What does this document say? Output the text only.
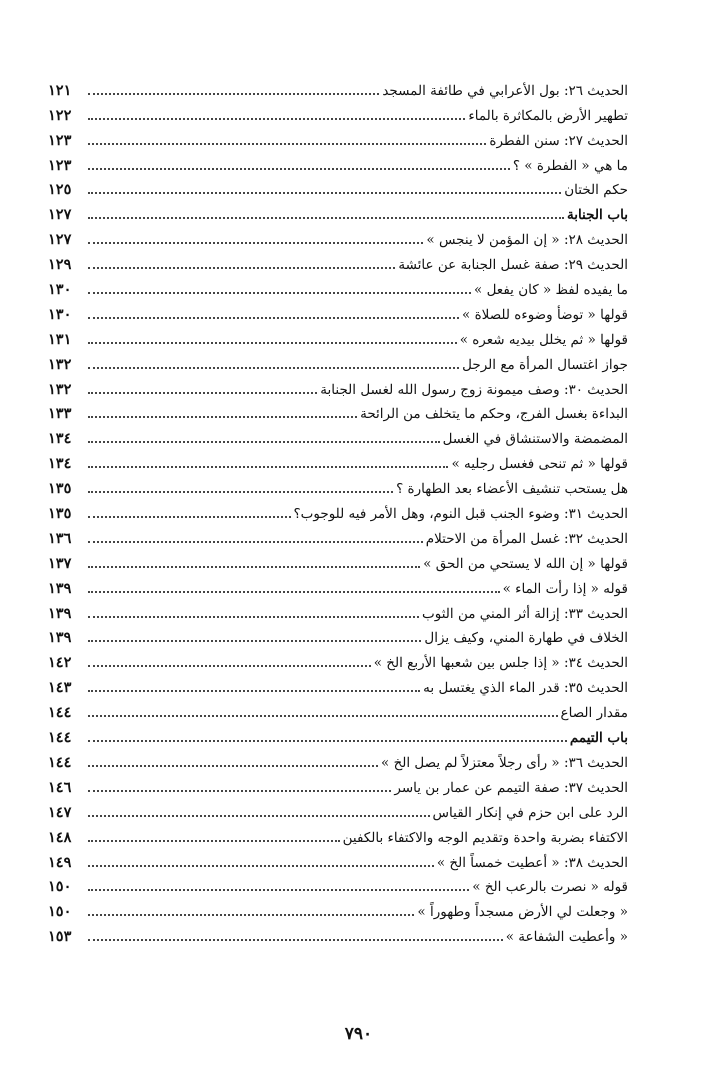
الحديث ٢٦: بول الأعرابي في طائفة المسجد
١٢١
تطهير الأرض بالمكاثرة بالماء
١٢٢
الحديث ٢٧: سنن الفطرة
١٢٣
ما هي « الفطرة » ؟
١٢٣
حكم الختان
١٢٥
باب الجنابة
١٢٧
الحديث ٢٨: « إن المؤمن لا ينجس »
١٢٧
الحديث ٢٩: صفة غسل الجنابة عن عائشة
١٢٩
ما يفيده لفظ « كان يفعل »
١٣٠
قولها « توضأ وضوءه للصلاة »
١٣٠
قولها « ثم يخلل بيديه شعره »
١٣١
جواز اغتسال المرأة مع الرجل
١٣٢
الحديث ٣٠: وصف ميمونة زوج رسول الله لغسل الجنابة
١٣٢
البداءة بغسل الفرج، وحكم ما يتخلف من الرائحة
١٣٣
المضمضة والاستنشاق في الغسل
١٣٤
قولها « ثم تنحى فغسل رجليه »
١٣٤
هل يستحب تنشيف الأعضاء بعد الطهارة ؟
١٣٥
الحديث ٣١: وضوء الجنب قبل النوم، وهل الأمر فيه للوجوب؟
١٣٥
الحديث ٣٢: غسل المرأة من الاحتلام
١٣٦
قولها « إن الله لا يستحي من الحق »
١٣٧
قوله « إذا رأت الماء »
١٣٩
الحديث ٣٣: إزالة أثر المني من الثوب
١٣٩
الخلاف في طهارة المني، وكيف يزال
١٣٩
الحديث ٣٤: « إذا جلس بين شعبها الأربع الخ »
١٤٢
الحديث ٣٥: قدر الماء الذي يغتسل به
١٤٣
مقدار الصاع
١٤٤
باب التيمم
١٤٤
الحديث ٣٦: « رأى رجلاً معتزلاً لم يصل الخ »
١٤٤
الحديث ٣٧: صفة التيمم عن عمار بن ياسر
١٤٦
الرد على ابن حزم في إنكار القياس
١٤٧
الاكتفاء بضربة واحدة وتقديم الوجه والاكتفاء بالكفين
١٤٨
الحديث ٣٨: « أعطيت خمساً الخ »
١٤٩
قوله « نصرت بالرعب الخ »
١٥٠
« وجعلت لي الأرض مسجداً وطهوراً »
١٥٠
« وأعطيت الشفاعة »
١٥٣
٧٩٠
